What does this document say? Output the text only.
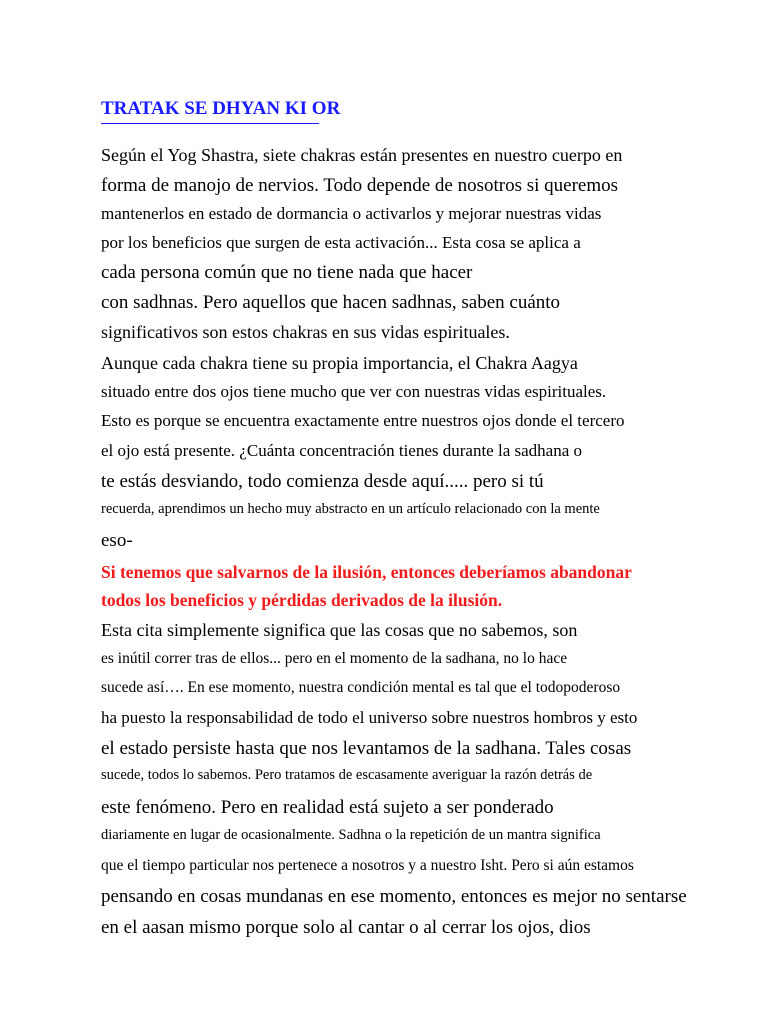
TRATAK SE DHYAN KI OR
Según el Yog Shastra, siete chakras están presentes en nuestro cuerpo en
forma de manojo de nervios. Todo depende de nosotros si queremos
mantenerlos en estado de dormancia o activarlos y mejorar nuestras vidas
por los beneficios que surgen de esta activación... Esta cosa se aplica a
cada persona común que no tiene nada que hacer
con sadhnas. Pero aquellos que hacen sadhnas, saben cuánto
significativos son estos chakras en sus vidas espirituales.
Aunque cada chakra tiene su propia importancia, el Chakra Aagya
situado entre dos ojos tiene mucho que ver con nuestras vidas espirituales.
Esto es porque se encuentra exactamente entre nuestros ojos donde el tercero
el ojo está presente. ¿Cuánta concentración tienes durante la sadhana o
te estás desviando, todo comienza desde aquí..... pero si tú
recuerda, aprendimos un hecho muy abstracto en un artículo relacionado con la mente
eso-
Si tenemos que salvarnos de la ilusión, entonces deberíamos abandonar
todos los beneficios y pérdidas derivados de la ilusión.
Esta cita simplemente significa que las cosas que no sabemos, son
es inútil correr tras de ellos... pero en el momento de la sadhana, no lo hace
sucede así…. En ese momento, nuestra condición mental es tal que el todopoderoso
ha puesto la responsabilidad de todo el universo sobre nuestros hombros y esto
el estado persiste hasta que nos levantamos de la sadhana. Tales cosas
sucede, todos lo sabemos. Pero tratamos de escasamente averiguar la razón detrás de
este fenómeno. Pero en realidad está sujeto a ser ponderado
diariamente en lugar de ocasionalmente. Sadhna o la repetición de un mantra significa
que el tiempo particular nos pertenece a nosotros y a nuestro Isht. Pero si aún estamos
pensando en cosas mundanas en ese momento, entonces es mejor no sentarse
en el aasan mismo porque solo al cantar o al cerrar los ojos, dios
